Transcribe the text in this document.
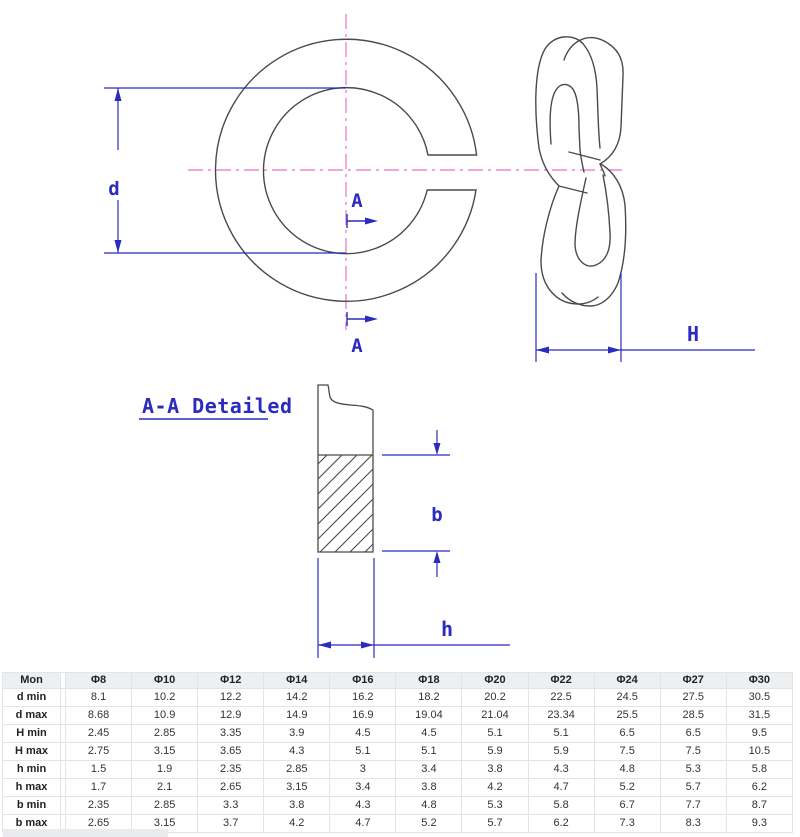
d
A
A	H
A-A Detailed
b
h
Mon		Φ8	Φ10	Φ12	Φ14	Φ16	Φ18	Φ20	Φ22	Φ24	Φ27	Φ30
d min		8.1	10.2	12.2	14.2	16.2	18.2	20.2	22.5	24.5	27.5	30.5
d max		8.68	10.9	12.9	14.9	16.9	19.04	21.04	23.34	25.5	28.5	31.5
H min		2.45	2.85	3.35	3.9	4.5	4.5	5.1	5.1	6.5	6.5	9.5
H max		2.75	3.15	3.65	4.3	5.1	5.1	5.9	5.9	7.5	7.5	10.5
h min		1.5	1.9	2.35	2.85	3	3.4	3.8	4.3	4.8	5.3	5.8
h max		1.7	2.1	2.65	3.15	3.4	3.8	4.2	4.7	5.2	5.7	6.2
b min		2.35	2.85	3.3	3.8	4.3	4.8	5.3	5.8	6.7	7.7	8.7
b max		2.65	3.15	3.7	4.2	4.7	5.2	5.7	6.2	7.3	8.3	9.3
